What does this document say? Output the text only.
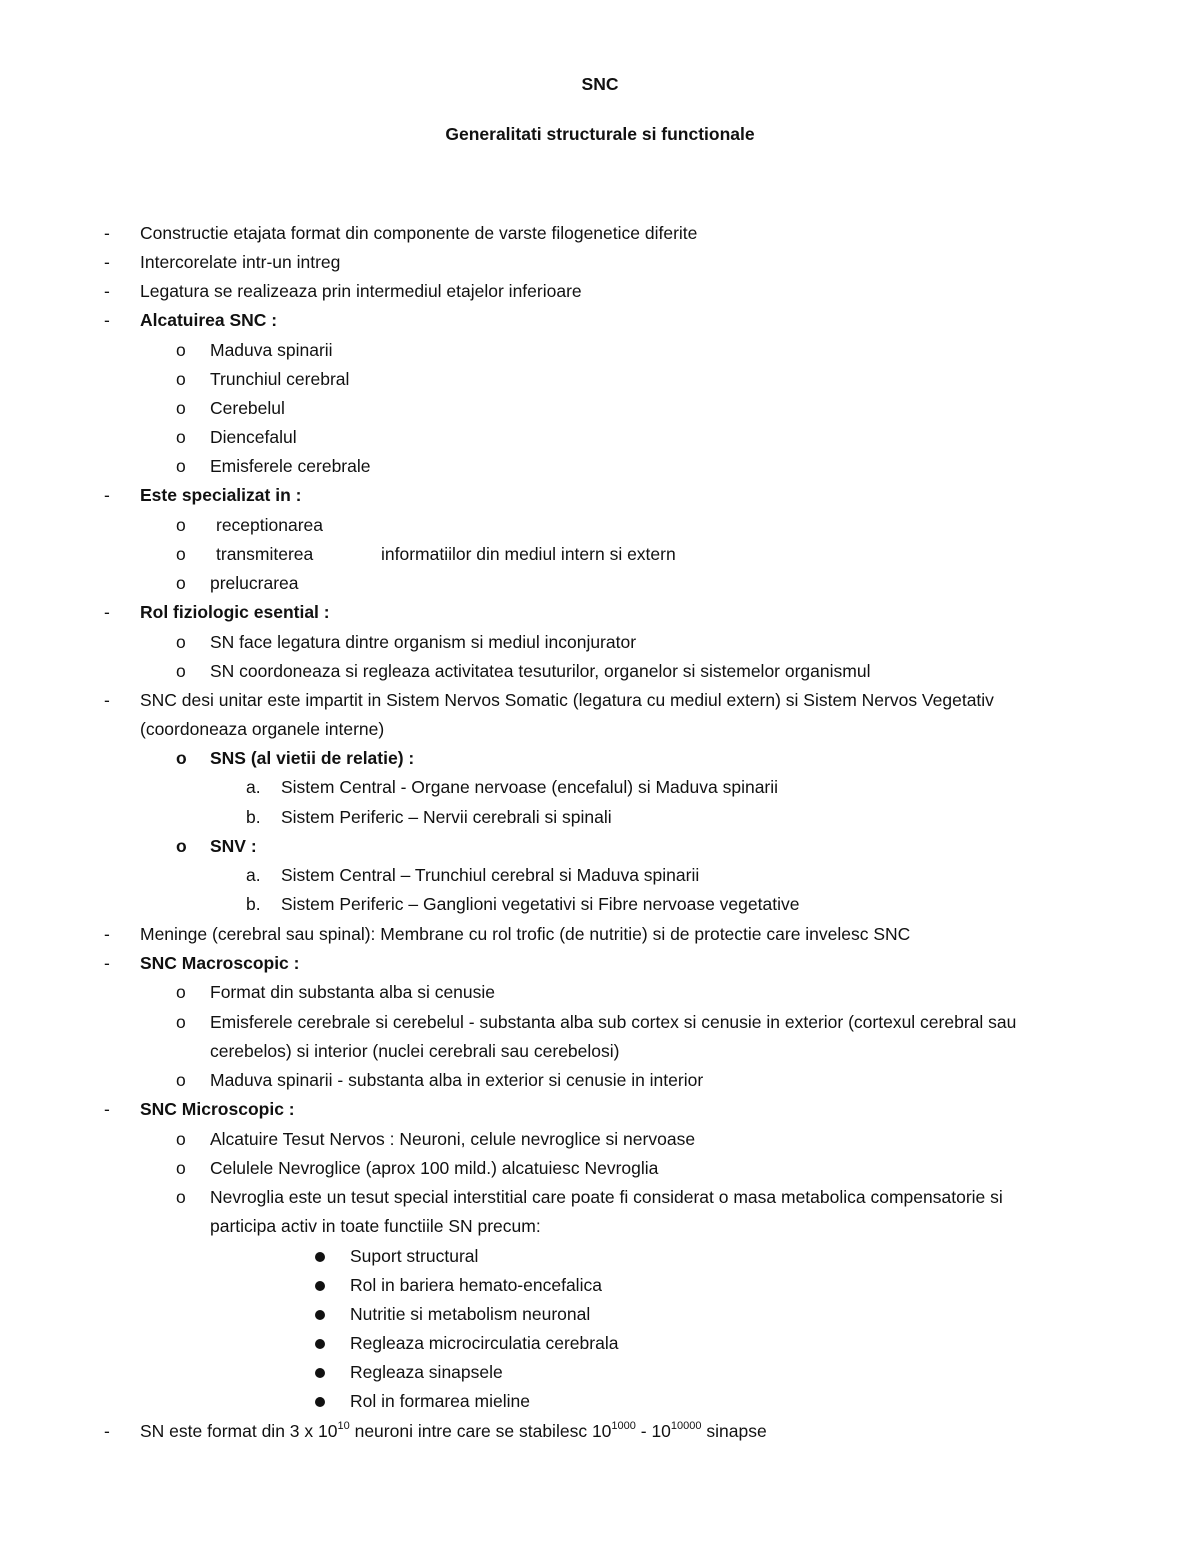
SNC
Generalitati structurale si functionale
- Constructie etajata format din componente de varste filogenetice diferite
- Intercorelate intr-un intreg
- Legatura se realizeaza prin intermediul etajelor inferioare
- Alcatuirea SNC :
o Maduva spinarii
o Trunchiul cerebral
o Cerebelul
o Diencefalul
o Emisferele cerebrale
- Este specializat in :
o receptionarea
o transmiterea	informatiilor din mediul intern si extern
o prelucrarea
- Rol fiziologic esential :
o SN face legatura dintre organism si mediul inconjurator
o SN coordoneaza si regleaza activitatea tesuturilor, organelor si sistemelor organismul
- SNC desi unitar este impartit in Sistem Nervos Somatic (legatura cu mediul extern) si Sistem Nervos Vegetativ
(coordoneaza organele interne)
o SNS (al vietii de relatie) :
a. Sistem Central - Organe nervoase (encefalul) si Maduva spinarii
b. Sistem Periferic – Nervii cerebrali si spinali
o SNV :
a. Sistem Central – Trunchiul cerebral si Maduva spinarii
b. Sistem Periferic – Ganglioni vegetativi si Fibre nervoase vegetative
- Meninge (cerebral sau spinal): Membrane cu rol trofic (de nutritie) si de protectie care invelesc SNC
- SNC Macroscopic :
o Format din substanta alba si cenusie
o Emisferele cerebrale si cerebelul - substanta alba sub cortex si cenusie in exterior (cortexul cerebral sau
cerebelos) si interior (nuclei cerebrali sau cerebelosi)
o Maduva spinarii - substanta alba in exterior si cenusie in interior
- SNC Microscopic :
o Alcatuire Tesut Nervos : Neuroni, celule nevroglice si nervoase
o Celulele Nevroglice (aprox 100 mild.) alcatuiesc Nevroglia
o Nevroglia este un tesut special interstitial care poate fi considerat o masa metabolica compensatorie si
participa activ in toate functiile SN precum:
Suport structural
Rol in bariera hemato-encefalica
Nutritie si metabolism neuronal
Regleaza microcirculatia cerebrala
Regleaza sinapsele
Rol in formarea mieline
- SN este format din 3 x $10^{10}$ neuroni intre care se stabilesc $10^{1000} - 10^{10000}$ sinapse
